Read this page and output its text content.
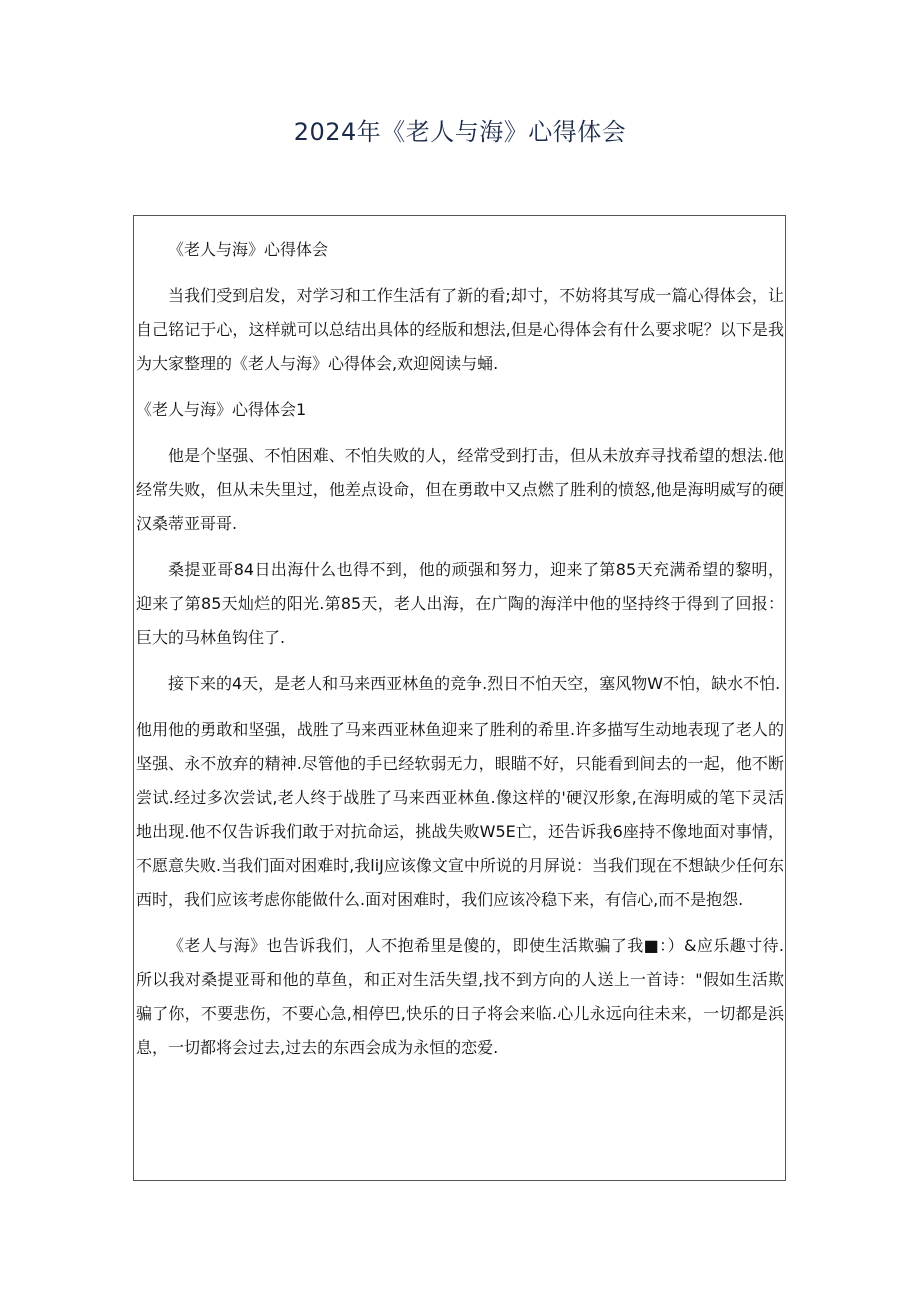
2024年《老人与海》心得体会

《老人与海》心得体会

当我们受到启发，对学习和工作生活有了新的看;却寸，不妨将其写成一篇心得体会，让自己铭记于心，这样就可以总结出具体的经版和想法,但是心得体会有什么要求呢？以下是我为大家整理的《老人与海》心得体会,欢迎阅读与蛹.

《老人与海》心得体会1

他是个坚强、不怕困难、不怕失败的人，经常受到打击，但从未放弃寻找希望的想法.他经常失败，但从未失里过，他差点设命，但在勇敢中又点燃了胜利的愤怒,他是海明威写的硬汉桑蒂亚哥哥.

桑提亚哥84日出海什么也得不到，他的顽强和努力，迎来了第85天充满希望的黎明，迎来了第85天灿烂的阳光.第85天，老人出海，在广陶的海洋中他的坚持终于得到了回报：巨大的马林鱼钩住了.

接下来的4天，是老人和马来西亚林鱼的竞争.烈日不怕天空，塞风物W不怕，缺水不怕.

他用他的勇敢和坚强，战胜了马来西亚林鱼迎来了胜利的希里.许多描写生动地表现了老人的坚强、永不放弃的精神.尽管他的手已经软弱无力，眼瞄不好，只能看到间去的一起，他不断尝试.经过多次尝试,老人终于战胜了马来西亚林鱼.像这样的'硬汉形象,在海明威的笔下灵活地出现.他不仅告诉我们敢于对抗命运，挑战失败W5E亡，还告诉我6座持不像地面对事情，不愿意失败.当我们面对困难时,我liJ应该像文宣中所说的月屏说：当我们现在不想缺少任何东西时，我们应该考虑你能做什么.面对困难时，我们应该冷稳下来，有信心,而不是抱怨.

《老人与海》也告诉我们，人不抱希里是傻的，即使生活欺骗了我■：）&应乐趣寸待.所以我对桑提亚哥和他的草鱼，和正对生活失望,找不到方向的人送上一首诗："假如生活欺骗了你，不要悲伤，不要心急,相停巴,快乐的日子将会来临.心儿永远向往未来，一切都是浜息，一切都将会过去,过去的东西会成为永恒的恋爱.
